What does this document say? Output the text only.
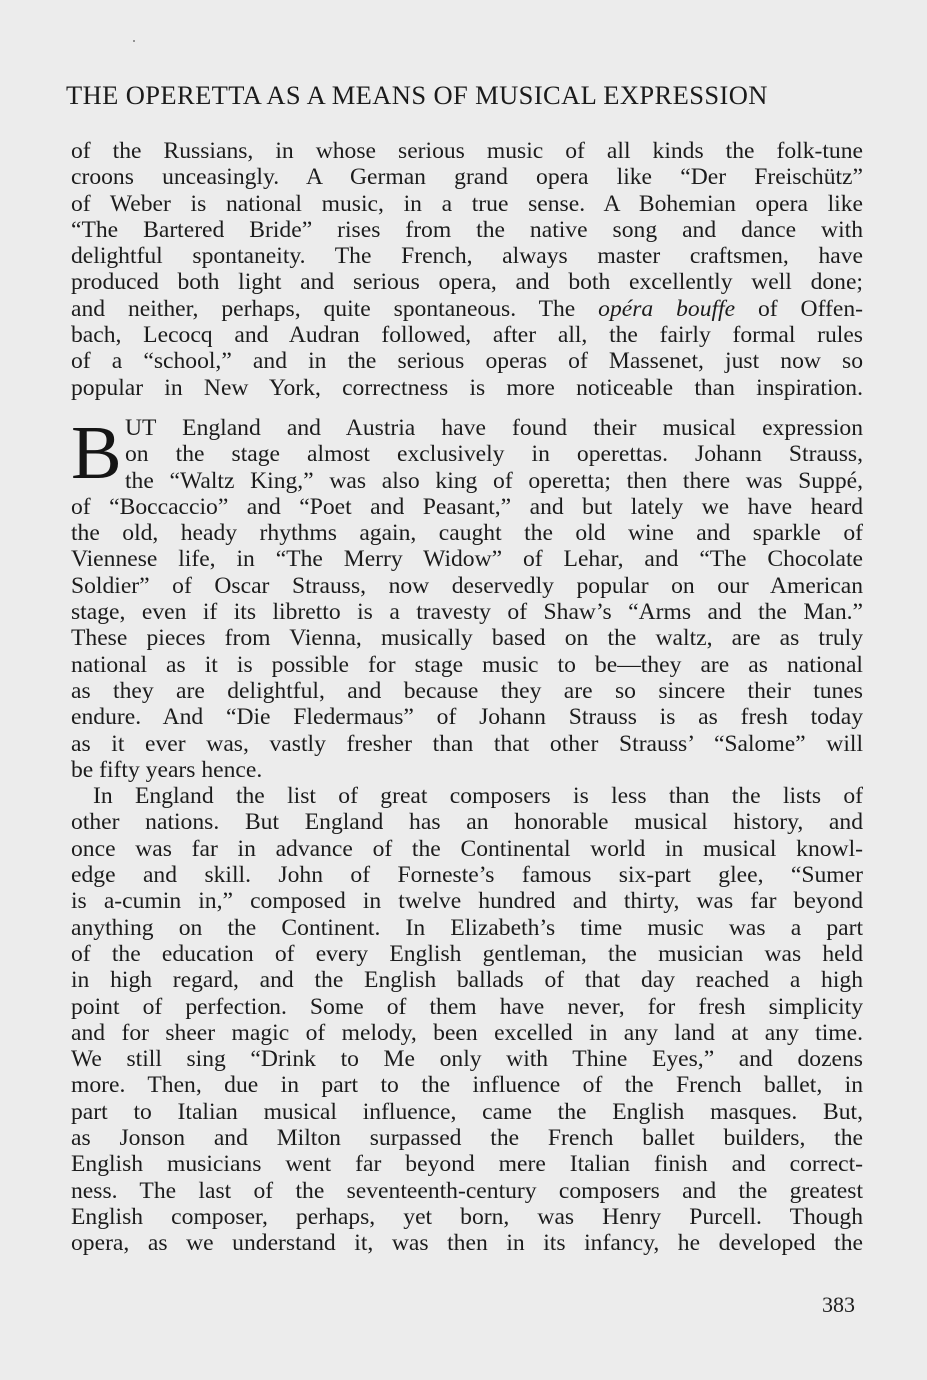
THE OPERETTA AS A MEANS OF MUSICAL EXPRESSION
of the Russians, in whose serious music of all kinds the folk-tune
croons unceasingly. A German grand opera like “Der Freischütz”
of Weber is national music, in a true sense. A Bohemian opera like
“The Bartered Bride” rises from the native song and dance with
delightful spontaneity. The French, always master craftsmen, have
produced both light and serious opera, and both excellently well done;
and neither, perhaps, quite spontaneous. The opéra bouffe of Offen-
bach, Lecocq and Audran followed, after all, the fairly formal rules
of a “school,” and in the serious operas of Massenet, just now so
popular in New York, correctness is more noticeable than inspiration.
B UT England and Austria have found their musical expression
on the stage almost exclusively in operettas. Johann Strauss,
the “Waltz King,” was also king of operetta; then there was Suppé,
of “Boccaccio” and “Poet and Peasant,” and but lately we have heard
the old, heady rhythms again, caught the old wine and sparkle of
Viennese life, in “The Merry Widow” of Lehar, and “The Chocolate
Soldier” of Oscar Strauss, now deservedly popular on our American
stage, even if its libretto is a travesty of Shaw’s “Arms and the Man.”
These pieces from Vienna, musically based on the waltz, are as truly
national as it is possible for stage music to be—they are as national
as they are delightful, and because they are so sincere their tunes
endure. And “Die Fledermaus” of Johann Strauss is as fresh today
as it ever was, vastly fresher than that other Strauss’ “Salome” will
be fifty years hence.
In England the list of great composers is less than the lists of
other nations. But England has an honorable musical history, and
once was far in advance of the Continental world in musical knowl-
edge and skill. John of Forneste’s famous six-part glee, “Sumer
is a-cumin in,” composed in twelve hundred and thirty, was far beyond
anything on the Continent. In Elizabeth’s time music was a part
of the education of every English gentleman, the musician was held
in high regard, and the English ballads of that day reached a high
point of perfection. Some of them have never, for fresh simplicity
and for sheer magic of melody, been excelled in any land at any time.
We still sing “Drink to Me only with Thine Eyes,” and dozens
more. Then, due in part to the influence of the French ballet, in
part to Italian musical influence, came the English masques. But,
as Jonson and Milton surpassed the French ballet builders, the
English musicians went far beyond mere Italian finish and correct-
ness. The last of the seventeenth-century composers and the greatest
English composer, perhaps, yet born, was Henry Purcell. Though
opera, as we understand it, was then in its infancy, he developed the
383
